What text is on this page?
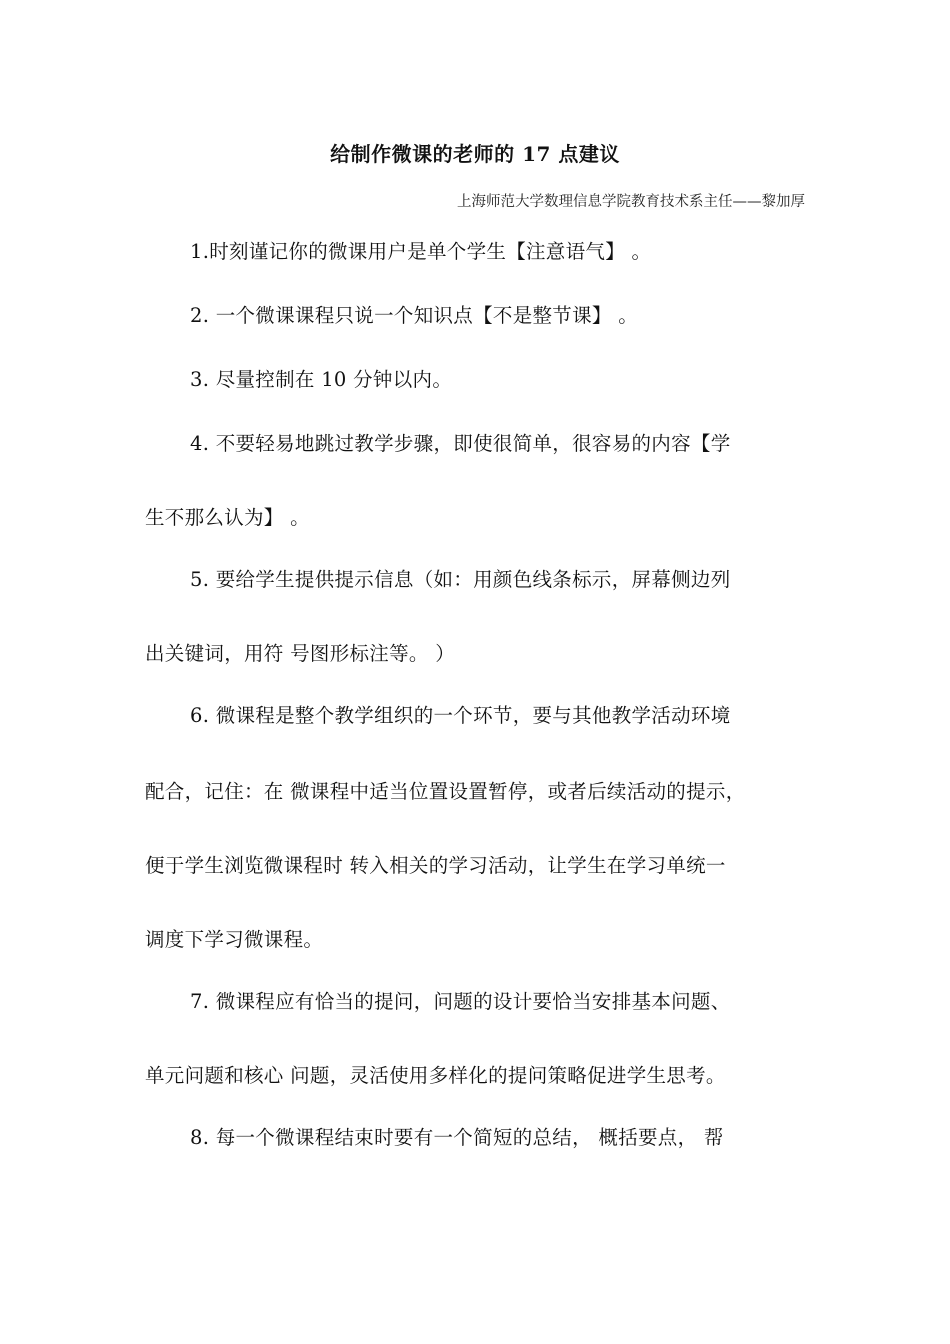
给制作微课的老师的 17 点建议
上海师范大学数理信息学院教育技术系主任——黎加厚
1.时刻谨记你的微课用户是单个学生【注意语气】 。
2. 一个微课课程只说一个知识点【不是整节课】 。
3. 尽量控制在 10 分钟以内。
4. 不要轻易地跳过教学步骤，即使很简单，很容易的内容【学
生不那么认为】 。
5. 要给学生提供提示信息（如：用颜色线条标示，屏幕侧边列
出关键词，用符 号图形标注等。 ）
6. 微课程是整个教学组织的一个环节，要与其他教学活动环境
配合，记住：在 微课程中适当位置设置暂停，或者后续活动的提示，
便于学生浏览微课程时 转入相关的学习活动，让学生在学习单统一
调度下学习微课程。
7. 微课程应有恰当的提问，问题的设计要恰当安排基本问题、
单元问题和核心 问题，灵活使用多样化的提问策略促进学生思考。
8. 每一个微课程结束时要有一个简短的总结， 概括要点， 帮
